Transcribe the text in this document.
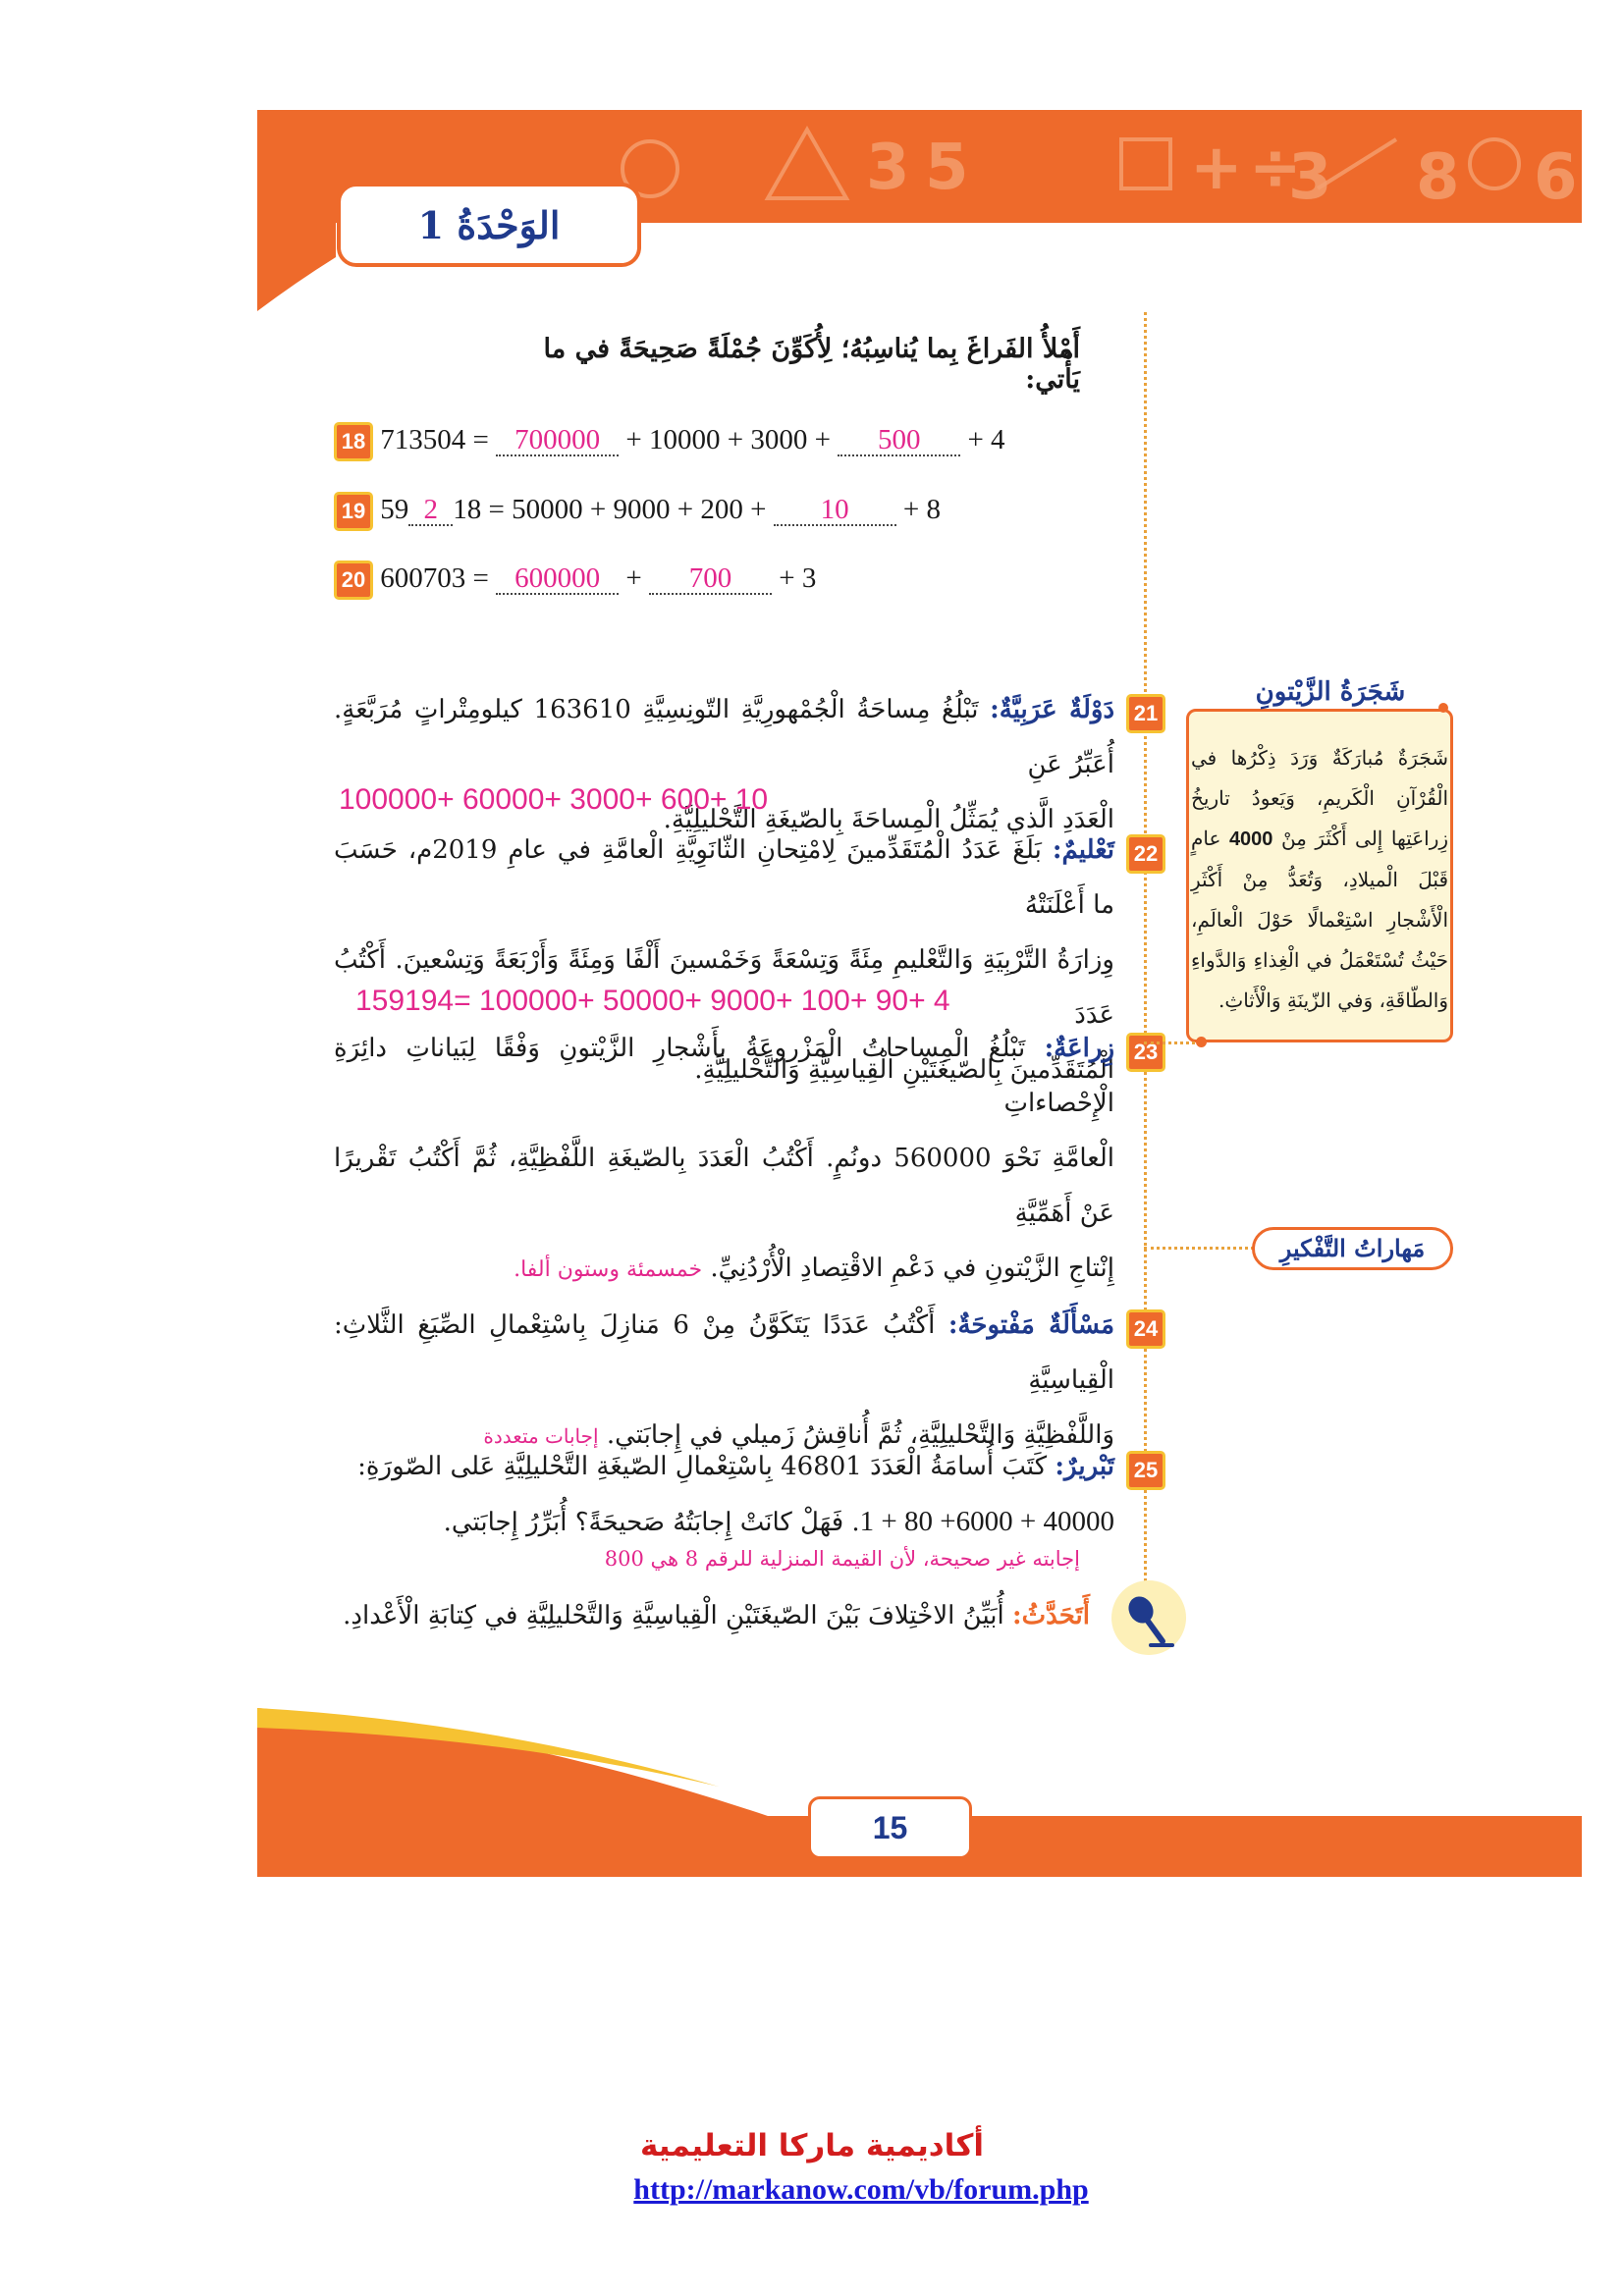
3 5	+ ÷
3 8 6
الوَحْدَةُ 1
أَمْلأُ الفَراغَ بِما يُناسِبُهُ؛ لِأُكَوِّنَ جُمْلَةً صَحِيحَةً في ما يَأْتي:
18 713504 = 700000 + 10000 + 3000 + 500 + 4
19 59 2 18 = 50000 + 9000 + 200 + 10 + 8
20 600703 = 600000 + 700 + 3
21
دَوْلَةٌ عَرَبِيَّةٌ: تَبْلُغُ مِساحَةُ الْجُمْهورِيَّةِ التّونِسِيَّةِ 163610 كيلومِتْراتٍ مُرَبَّعَةٍ. أُعَبِّرُ عَنِ
الْعَدَدِ الَّذي يُمَثِّلُ الْمِساحَةَ بِالصّيغَةِ التَّحْليلِيَّةِ.
100000+ 60000+ 3000+ 600+ 10
22
تَعْليمٌ: بَلَغَ عَدَدُ الْمُتَقَدِّمينَ لِامْتِحانِ الثّانَوِيَّةِ الْعامَّةِ في عامِ 2019م، حَسَبَ ما أَعْلَنَتْهُ
وِزارَةُ التَّرْبِيَةِ وَالتَّعْليمِ مِئَةً وَتِسْعَةً وَخَمْسينَ أَلْفًا وَمِئَةً وَأَرْبَعَةً وَتِسْعينَ. أَكْتُبُ عَدَدَ
الْمُتَقَدِّمينَ بِالصّيغَتَيْنِ الْقِياسِيَّةِ وَالتَّحْليلِيَّةِ.
159194= 100000+ 50000+ 9000+ 100+ 90+ 4
23
زِراعَةٌ: تَبْلُغُ الْمِساحاتُ الْمَزْروعَةُ بِأَشْجارِ الزَّيْتونِ وَفْقًا لِبَياناتِ دائِرَةِ الْإِحْصاءاتِ
الْعامَّةِ نَحْوَ 560000 دونُمٍ. أَكْتُبُ الْعَدَدَ بِالصّيغَةِ اللَّفْظِيَّةِ، ثُمَّ أَكْتُبُ تَقْريرًا عَنْ أَهَمِّيَّةِ
إِنْتاجِ الزَّيْتونِ في دَعْمِ الاقْتِصادِ الْأُرْدُنِيِّ. خمسمئة وستون ألفا.
شَجَرَةُ الزَّيْتونِ
شَجَرَةٌ مُبارَكَةٌ وَرَدَ ذِكْرُها في الْقُرْآنِ الْكَريمِ، وَيَعودُ تاريخُ زِراعَتِها إِلى أَكْثَرَ مِنْ 4000 عامٍ قَبْلَ الْميلادِ، وَتُعَدُّ مِنْ أَكْثَرِ الْأَشْجارِ اسْتِعْمالًا حَوْلَ الْعالَمِ، حَيْثُ تُسْتَعْمَلُ في الْغِذاءِ وَالدَّواءِ وَالطّاقَةِ، وَفي الزّينَةِ وَالْأَثاثِ.
مَهاراتُ التَّفْكيرِ
24
مَسْأَلَةٌ مَفْتوحَةٌ: أَكْتُبُ عَدَدًا يَتَكَوَّنُ مِنْ 6 مَنازِلَ بِاسْتِعْمالِ الصِّيَغِ الثَّلاثِ: الْقِياسِيَّةِ
وَاللَّفْظِيَّةِ وَالتَّحْليلِيَّةِ، ثُمَّ أُناقِشُ زَميلي في إِجابَتي. إجابات متعددة
25
تَبْريرٌ: كَتَبَ أُسامَةُ الْعَدَدَ 46801 بِاسْتِعْمالِ الصّيغَةِ التَّحْليلِيَّةِ عَلى الصّورَةِ:
1 + 80 +6000 + 40000. فَهَلْ كانَتْ إِجابَتُهُ صَحيحَةً؟ أُبَرِّرُ إِجابَتي.
إجابته غير صحيحة، لأن القيمة المنزلية للرقم 8 هي 800
أَتَحَدَّثُ: أُبَيِّنُ الاخْتِلافَ بَيْنَ الصّيغَتَيْنِ الْقِياسِيَّةِ وَالتَّحْليلِيَّةِ في كِتابَةِ الْأَعْدادِ.
15
أكاديمية ماركا التعليمية
http://markanow.com/vb/forum.php
